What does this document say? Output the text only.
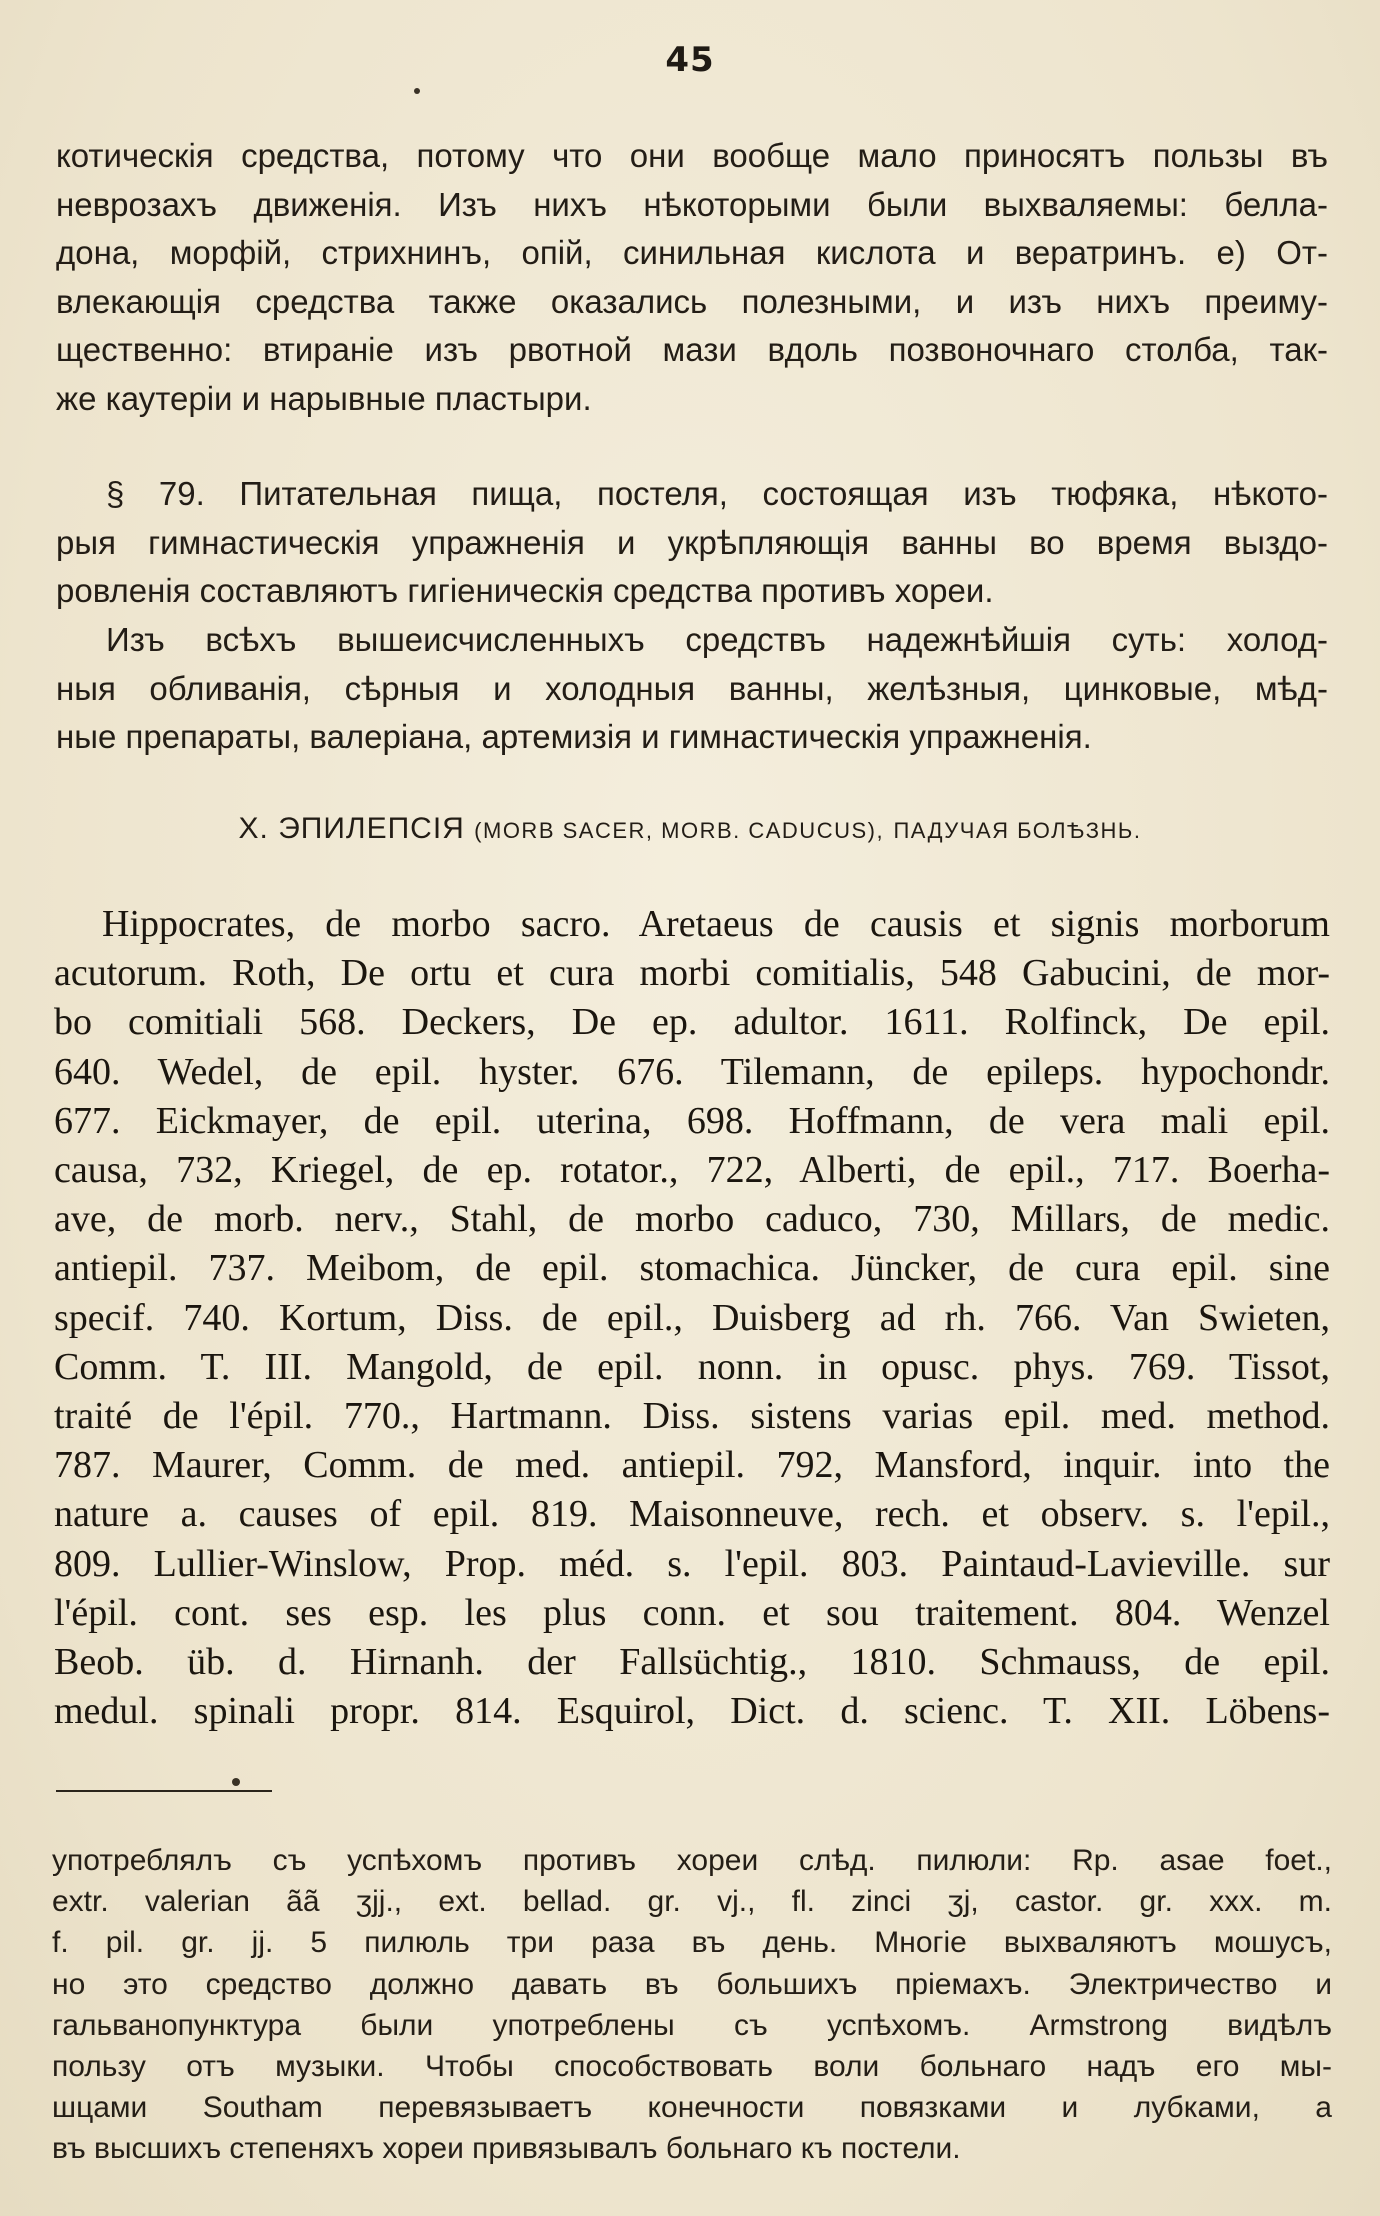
45
котическія средства, потому что они вообще мало приносятъ пользы въ
неврозахъ движенія. Изъ нихъ нѣкоторыми были выхваляемы: белла-
дона, морфій, стрихнинъ, опій, синильная кислота и вератринъ. е) От-
влекающія средства также оказались полезными, и изъ нихъ преиму-
щественно: втираніе изъ рвотной мази вдоль позвоночнаго столба, так-
же каутеріи и нарывные пластыри.
§ 79. Питательная пища, постеля, состоящая изъ тюфяка, нѣкото-
рыя гимнастическія упражненія и укрѣпляющія ванны во время выздо-
ровленія составляютъ гигіеническія средства противъ хореи.
Изъ всѣхъ вышеисчисленныхъ средствъ надежнѣйшія суть: холод-
ныя обливанія, сѣрныя и холодныя ванны, желѣзныя, цинковые, мѣд-
ные препараты, валеріана, артемизія и гимнастическія упражненія.
X. ЭПИЛЕПСІЯ (MORB SACER, MORB. CADUCUS), ПАДУЧАЯ БОЛѢЗНЬ.
Hippocrates, de morbo sacro. Aretaeus de causis et signis morborum
acutorum. Roth, De ortu et cura morbi comitialis, 548 Gabucini, de mor-
bo comitiali 568. Deckers, De ep. adultor. 1611. Rolfinck, De epil.
640. Wedel, de epil. hyster. 676. Tilemann, de epileps. hypochondr.
677. Eickmayer, de epil. uterina, 698. Hoffmann, de vera mali epil.
causa, 732, Kriegel, de ep. rotator., 722, Alberti, de epil., 717. Boerha-
ave, de morb. nerv., Stahl, de morbo caduco, 730, Millars, de medic.
antiepil. 737. Meibom, de epil. stomachica. Jüncker, de cura epil. sine
specif. 740. Kortum, Diss. de epil., Duisberg ad rh. 766. Van Swieten,
Comm. T. III. Mangold, de epil. nonn. in opusc. phys. 769. Tissot,
traité de l'épil. 770., Hartmann. Diss. sistens varias epil. med. method.
787. Maurer, Comm. de med. antiepil. 792, Mansford, inquir. into the
nature a. causes of epil. 819. Maisonneuve, rech. et observ. s. l'epil.,
809. Lullier-Winslow, Prop. méd. s. l'epil. 803. Paintaud-Lavieville. sur
l'épil. cont. ses esp. les plus conn. et sou traitement. 804. Wenzel
Beob. üb. d. Hirnanh. der Fallsüchtig., 1810. Schmauss, de epil.
medul. spinali propr. 814. Esquirol, Dict. d. scienc. T. XII. Löbens-
употреблялъ съ успѣхомъ противъ хореи слѣд. пилюли: Rp. asae foet.,
extr. valerian ãã ʒjj., ext. bellad. gr. vj., fl. zinci ʒj, castor. gr. xxx. m.
f. pil. gr. jj. 5 пилюль три раза въ день. Многіе выхваляютъ мошусъ,
но это средство должно давать въ большихъ пріемахъ. Электричество и
гальванопунктура были употреблены съ успѣхомъ. Armstrong видѣлъ
пользу отъ музыки. Чтобы способствовать воли больнаго надъ его мы-
шцами Southam перевязываетъ конечности повязками и лубками, а
въ высшихъ степеняхъ хореи привязывалъ больнаго къ постели.
